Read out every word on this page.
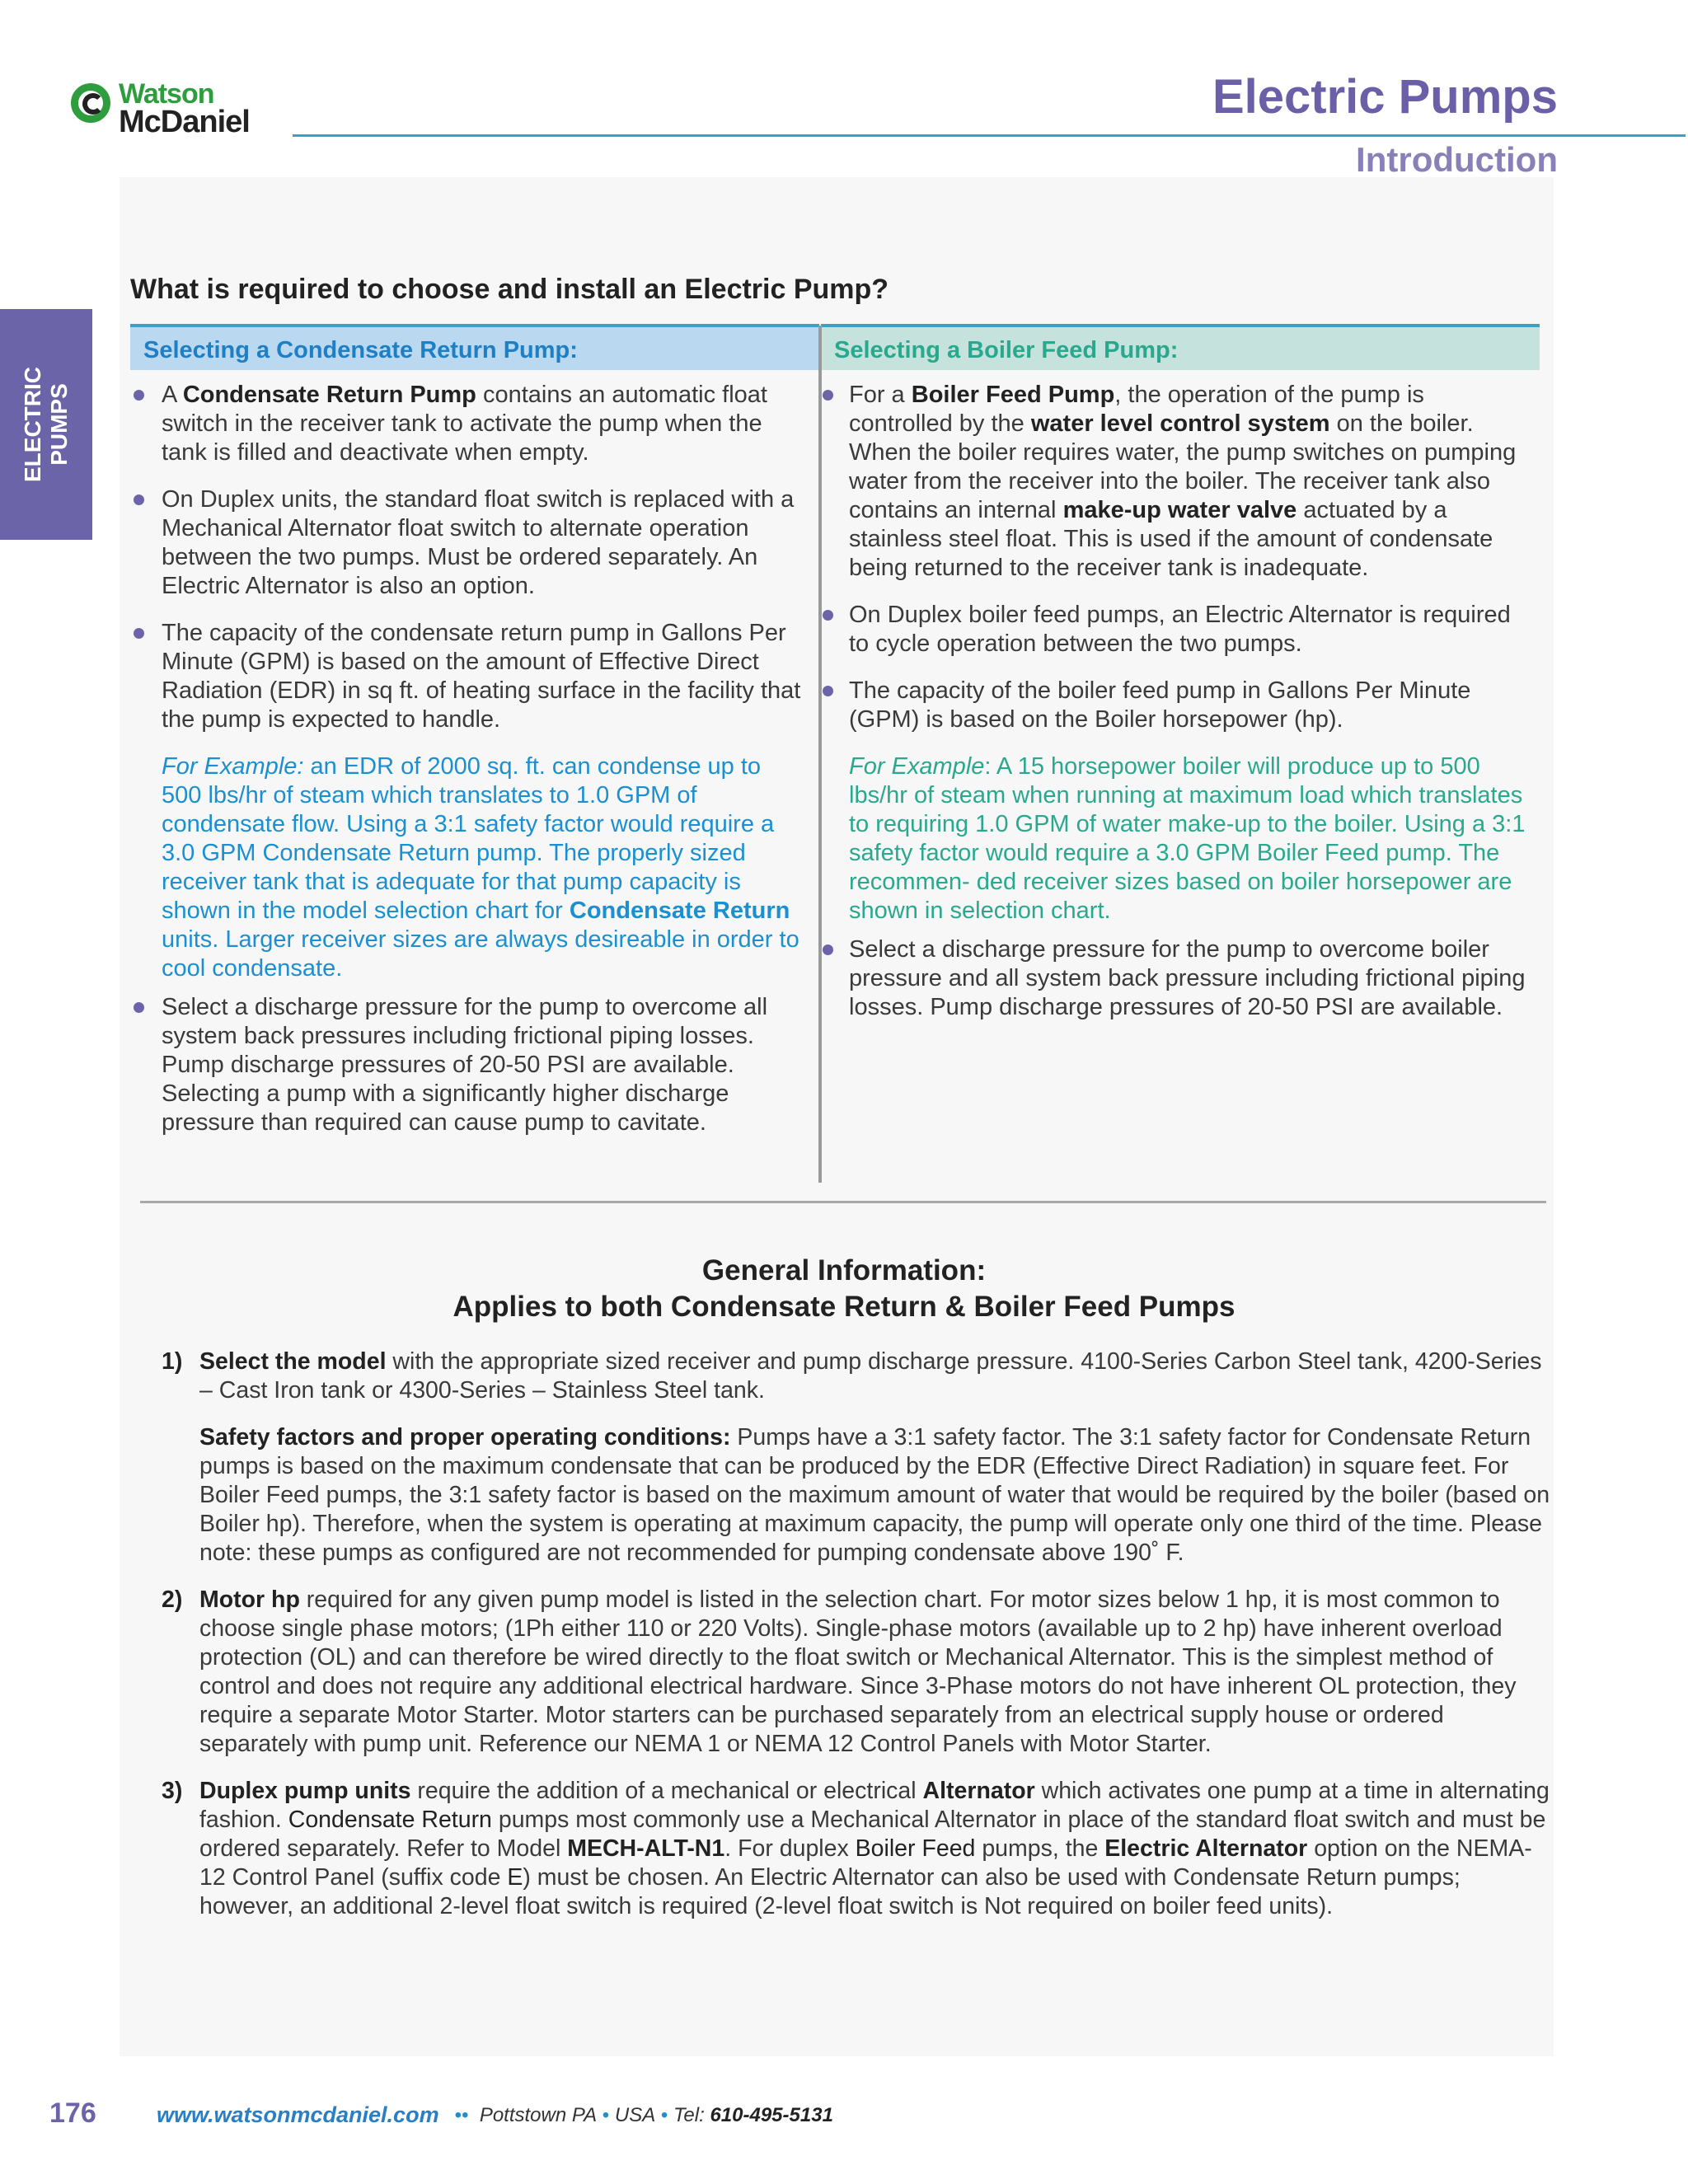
Watson
McDaniel	Electric Pumps
Introduction
ELECTRIC
PUMPS
What is required to choose and install an Electric Pump?
Selecting a Condensate Return Pump:	Selecting a Boiler Feed Pump:

A Condensate Return Pump contains an automatic float switch in the receiver tank to activate the pump when the tank is filled and deactivate when empty.

On Duplex units, the standard float switch is replaced with a Mechanical Alternator float switch to alternate operation between the two pumps. Must be ordered separately. An Electric Alternator is also an option.

The capacity of the condensate return pump in Gallons Per Minute (GPM) is based on the amount of Effective Direct Radiation (EDR) in sq ft. of heating surface in the facility that the pump is expected to handle.

For Example: an EDR of 2000 sq. ft. can condense up to 500 lbs/hr of steam which translates to 1.0 GPM of condensate flow. Using a 3:1 safety factor would require a 3.0 GPM Condensate Return pump. The properly sized receiver tank that is adequate for that pump capacity is shown in the model selection chart for Condensate Return units. Larger receiver sizes are always desireable in order to cool condensate.

Select a discharge pressure for the pump to overcome all system back pressures including frictional piping losses. Pump discharge pressures of 20-50 PSI are available. Selecting a pump with a significantly higher discharge pressure than required can cause pump to cavitate.

For a Boiler Feed Pump, the operation of the pump is controlled by the water level control system on the boiler. When the boiler requires water, the pump switches on pumping water from the receiver into the boiler. The receiver tank also contains an internal make-up water valve actuated by a stainless steel float. This is used if the amount of condensate being returned to the receiver tank is inadequate.

On Duplex boiler feed pumps, an Electric Alternator is required to cycle operation between the two pumps.

The capacity of the boiler feed pump in Gallons Per Minute (GPM) is based on the Boiler horsepower (hp).

For Example: A 15 horsepower boiler will produce up to 500 lbs/hr of steam when running at maximum load which translates to requiring 1.0 GPM of water make-up to the boiler. Using a 3:1 safety factor would require a 3.0 GPM Boiler Feed pump. The recommen- ded receiver sizes based on boiler horsepower are shown in selection chart.

Select a discharge pressure for the pump to overcome boiler pressure and all system back pressure including frictional piping losses. Pump discharge pressures of 20-50 PSI are available.

General Information:
Applies to both Condensate Return & Boiler Feed Pumps
1) Select the model with the appropriate sized receiver and pump discharge pressure. 4100-Series Carbon Steel tank, 4200-Series – Cast Iron tank or 4300-Series – Stainless Steel tank.
Safety factors and proper operating conditions: Pumps have a 3:1 safety factor. The 3:1 safety factor for Condensate Return pumps is based on the maximum condensate that can be produced by the EDR (Effective Direct Radiation) in square feet. For Boiler Feed pumps, the 3:1 safety factor is based on the maximum amount of water that would be required by the boiler (based on Boiler hp). Therefore, when the system is operating at maximum capacity, the pump will operate only one third of the time. Please note: these pumps as configured are not recommended for pumping condensate above 190˚ F.
2) Motor hp required for any given pump model is listed in the selection chart. For motor sizes below 1 hp, it is most common to choose single phase motors; (1Ph either 110 or 220 Volts). Single-phase motors (available up to 2 hp) have inherent overload protection (OL) and can therefore be wired directly to the float switch or Mechanical Alternator. This is the simplest method of control and does not require any additional electrical hardware. Since 3-Phase motors do not have inherent OL protection, they require a separate Motor Starter. Motor starters can be purchased separately from an electrical supply house or ordered separately with pump unit. Reference our NEMA 1 or NEMA 12 Control Panels with Motor Starter.
3) Duplex pump units require the addition of a mechanical or electrical Alternator which activates one pump at a time in alternating fashion. Condensate Return pumps most commonly use a Mechanical Alternator in place of the standard float switch and must be ordered separately. Refer to Model MECH-ALT-N1. For duplex Boiler Feed pumps, the Electric Alternator option on the NEMA-12 Control Panel (suffix code E) must be chosen. An Electric Alternator can also be used with Condensate Return pumps; however, an additional 2-level float switch is required (2-level float switch is Not required on boiler feed units).
176	www.watsonmcdaniel.com ••  Pottstown PA • USA • Tel: 610-495-5131
